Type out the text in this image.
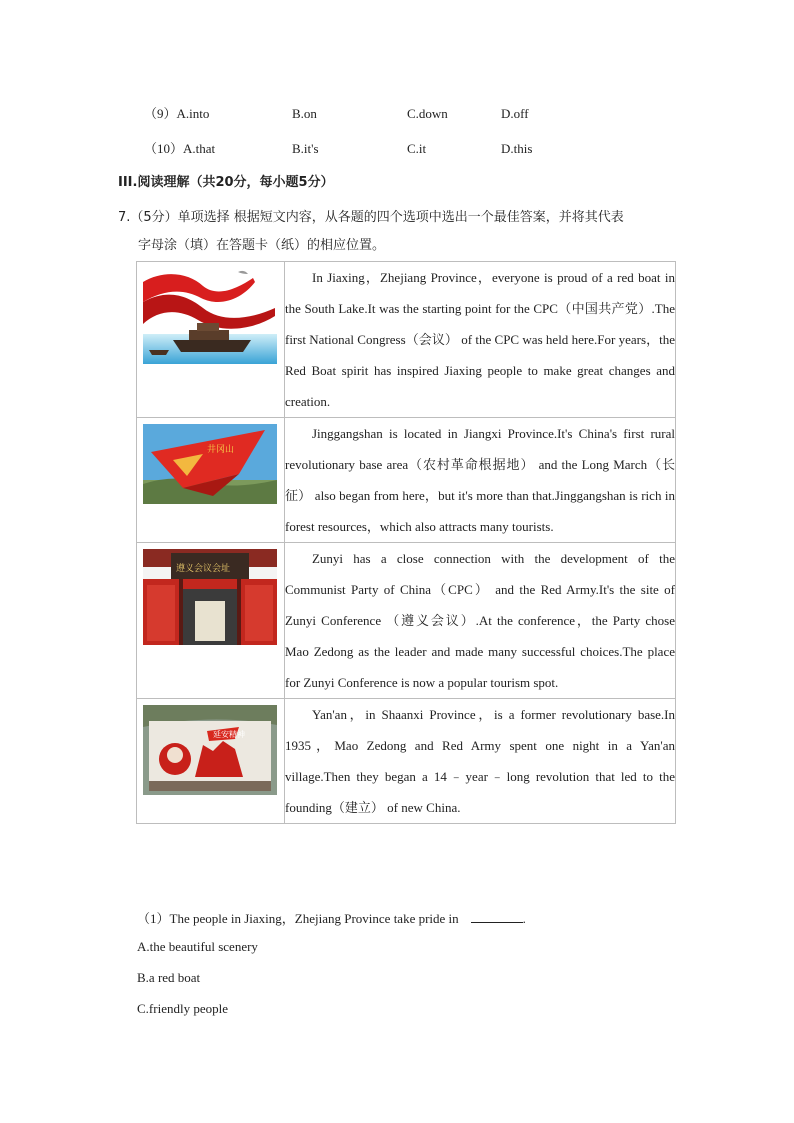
（9）A.into	B.on	C.down	D.off
（10）A.that	B.it's	C.it	D.this
III.阅读理解（共20分，每小题5分）
7.（5分）单项选择 根据短文内容，从各题的四个选项中选出一个最佳答案，并将其代表
字母涂（填）在答题卡（纸）的相应位置。

In Jiaxing，Zhejiang Province，everyone is proud of a red boat in the South Lake.It was the starting point for the CPC（中国共产党）.The first National Congress（会议） of the CPC was held here.For years，the Red Boat spirit has inspired Jiaxing people to make great changes and creation.

井冈山	Jinggangshan is located in Jiangxi Province.It's China's first rural revolutionary base area（农村革命根据地） and the Long March（长征） also began from here，but it's more than that.Jinggangshan is rich in forest resources，which also attracts many tourists.

遵义会议会址	Zunyi has a close connection with the development of the Communist Party of China（CPC） and the Red Army.It's the site of Zunyi Conference （遵义会议）.At the conference，the Party chose Mao Zedong as the leader and made many successful choices.The place for Zunyi Conference is now a popular tourism spot.

延安精神	Yan'an，in Shaanxi Province，is a former revolutionary base.In 1935，Mao Zedong and Red Army spent one night in a Yan'an village.Then they began a 14﹣year﹣long revolution that led to the founding（建立） of new China.

（1）The people in Jiaxing，Zhejiang Province take pride in	.
A.the beautiful scenery
B.a red boat
C.friendly people
